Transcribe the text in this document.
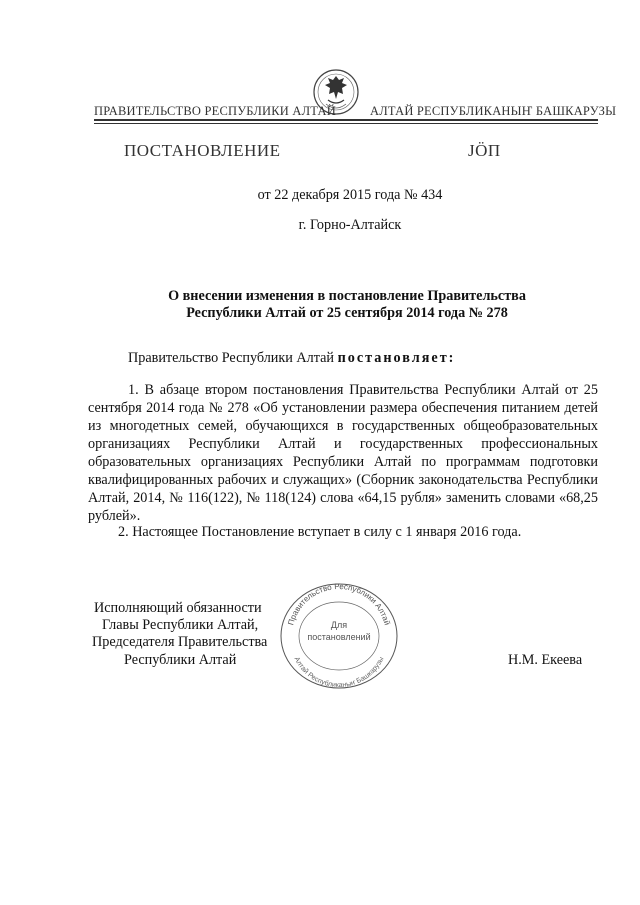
ПРАВИТЕЛЬСТВО РЕСПУБЛИКИ АЛТАЙ	АЛТАЙ РЕСПУБЛИКАНЫҤ БАШКАРУЗЫ
ПОСТАНОВЛЕНИЕ	ЈӦП
от 22 декабря 2015 года № 434
г. Горно-Алтайск
О внесении изменения в постановление Правительства
Республики Алтай от 25 сентября 2014 года № 278
Правительство Республики Алтай постановляет:
1. В абзаце втором постановления Правительства Республики Алтай от 25 сентября 2014 года № 278 «Об установлении размера обеспечения питанием детей из многодетных семей, обучающихся в государственных общеобразовательных организациях Республики Алтай и государственных профессиональных образовательных организациях Республики Алтай по программам подготовки квалифицированных рабочих и служащих» (Сборник законодательства Республики Алтай, 2014, № 116(122), № 118(124) слова «64,15 рубля» заменить словами «68,25 рублей».
2. Настоящее Постановление вступает в силу с 1 января 2016 года.
Исполняющий обязанности
Главы Республики Алтай,
Председателя Правительства
Республики Алтай	Н.М. Екеева
Правительство Республики Алтай
Алтай Республиканыҥ Башкарузы
Для
постановлений
